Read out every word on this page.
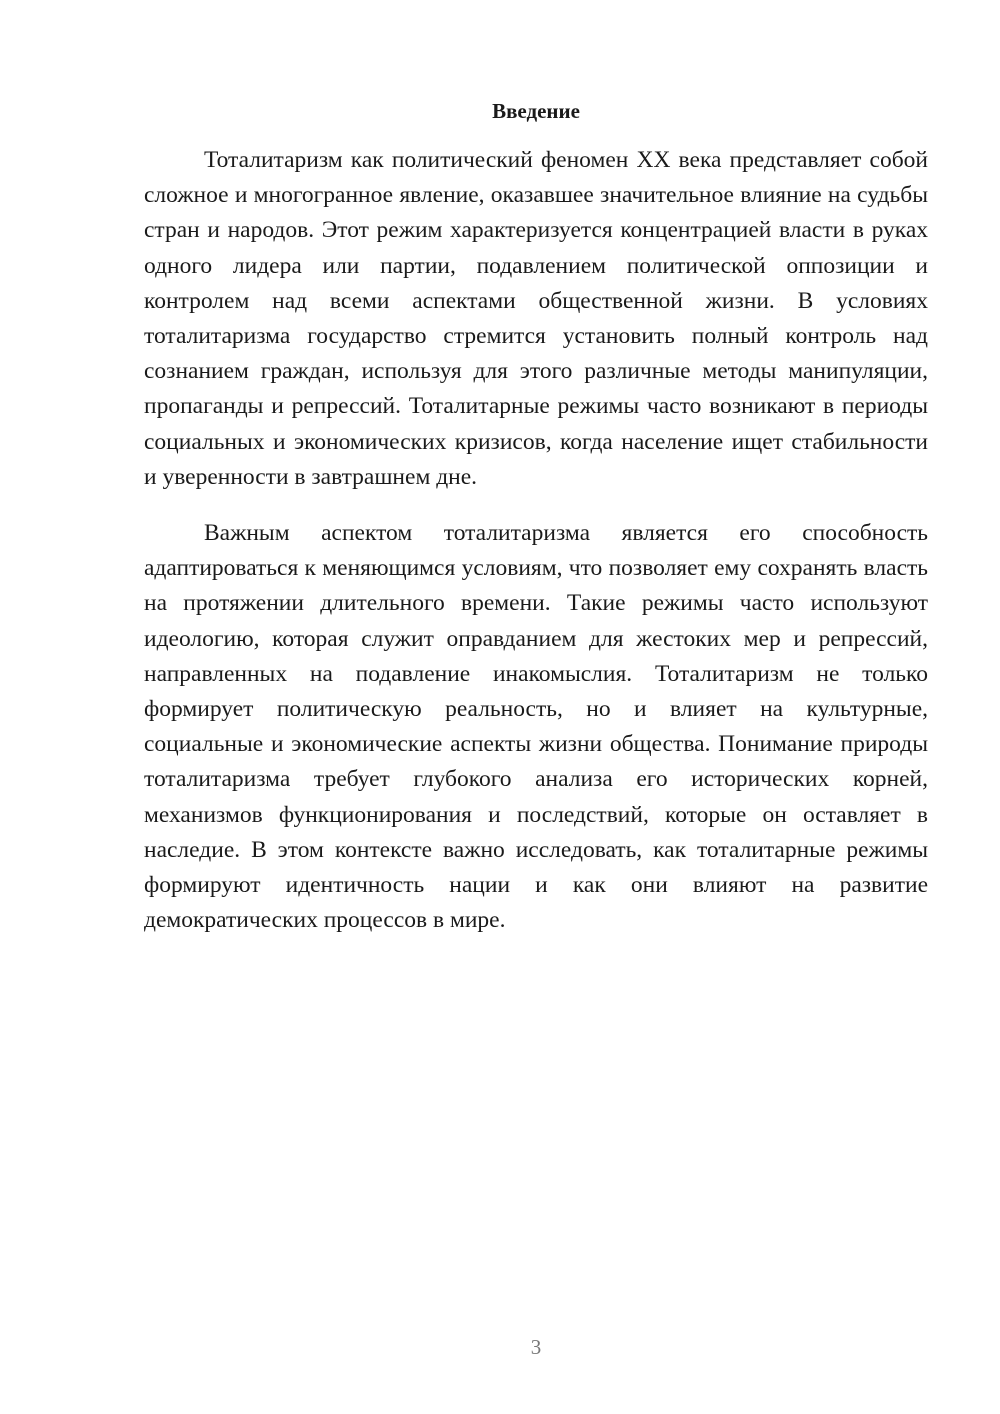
Введение

Тоталитаризм как политический феномен XX века представляет собой сложное и многогранное явление, оказавшее значительное влияние на судьбы стран и народов. Этот режим характеризуется концентрацией власти в руках одного лидера или партии, подавлением политической оппозиции и контролем над всеми аспектами общественной жизни. В условиях тоталитаризма государство стремится установить полный контроль над сознанием граждан, используя для этого различные методы манипуляции, пропаганды и репрессий. Тоталитарные режимы часто возникают в периоды социальных и экономических кризисов, когда население ищет стабильности и уверенности в завтрашнем дне.

Важным аспектом тоталитаризма является его способность адаптироваться к меняющимся условиям, что позволяет ему сохранять власть на протяжении длительного времени. Такие режимы часто используют идеологию, которая служит оправданием для жестоких мер и репрессий, направленных на подавление инакомыслия. Тоталитаризм не только формирует политическую реальность, но и влияет на культурные, социальные и экономические аспекты жизни общества. Понимание природы тоталитаризма требует глубокого анализа его исторических корней, механизмов функционирования и последствий, которые он оставляет в наследие. В этом контексте важно исследовать, как тоталитарные режимы формируют идентичность нации и как они влияют на развитие демократических процессов в мире.

3
